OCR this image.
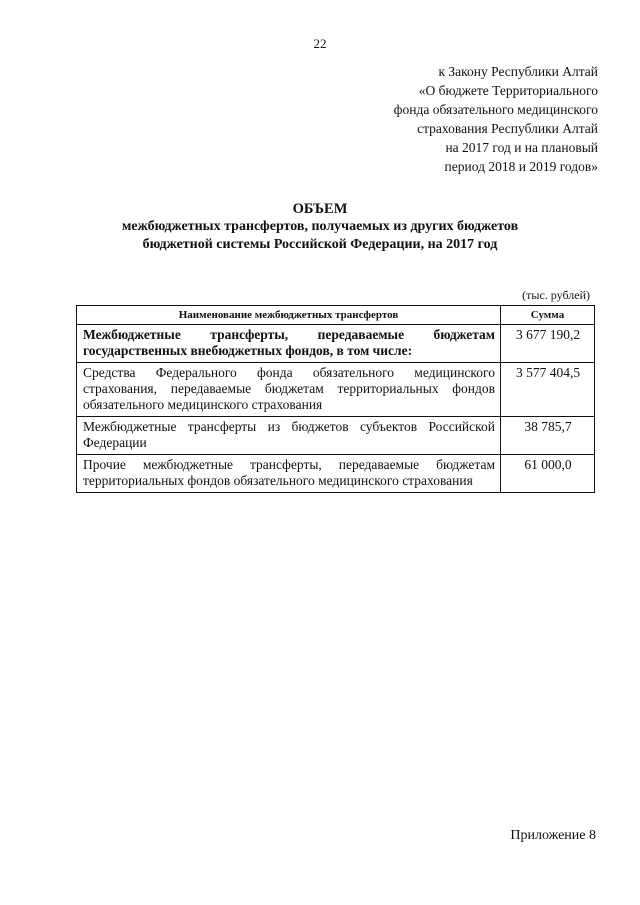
22
к Закону Республики Алтай
«О бюджете Территориального
фонда обязательного медицинского
страхования Республики Алтай
на 2017 год и на плановый
период 2018 и 2019 годов»
ОБЪЕМ
межбюджетных трансфертов, получаемых из других бюджетов
бюджетной системы Российской Федерации, на 2017 год
(тыс. рублей)
Наименование межбюджетных трансфертов	Сумма
Межбюджетные трансферты, передаваемые бюджетам государственных внебюджетных фондов, в том числе:	3 677 190,2
Средства Федерального фонда обязательного медицинского страхования, передаваемые бюджетам территориальных фондов обязательного медицинского страхования	3 577 404,5
Межбюджетные трансферты из бюджетов субъектов Российской Федерации	38 785,7
Прочие межбюджетные трансферты, передаваемые бюджетам территориальных фондов обязательного медицинского страхования	61 000,0
Приложение 8
